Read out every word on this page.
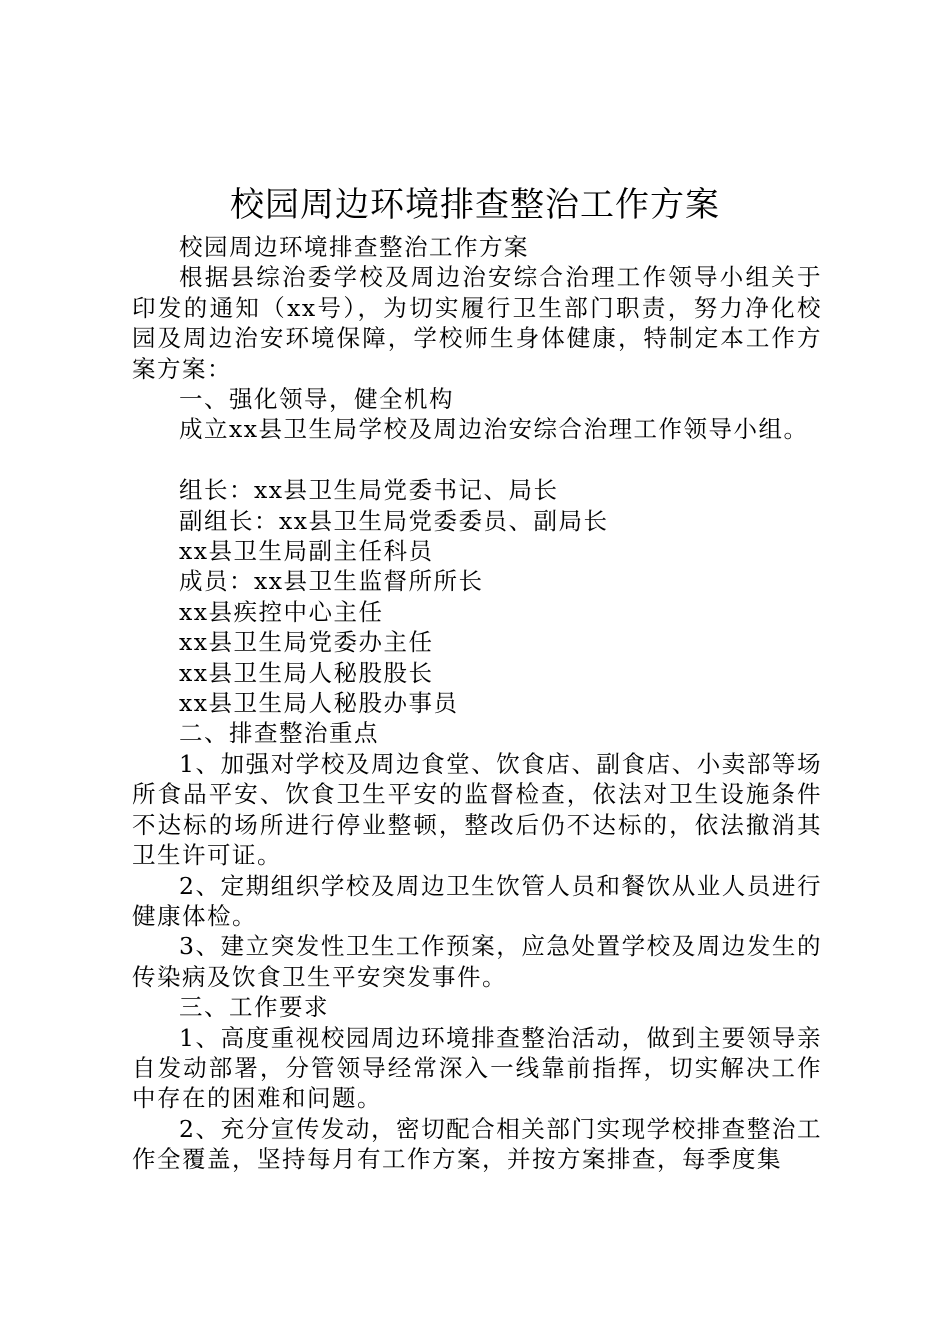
校园周边环境排查整治工作方案

校园周边环境排查整治工作方案

根据县综治委学校及周边治安综合治理工作领导小组关于印发的通知（xx号），为切实履行卫生部门职责，努力净化校园及周边治安环境保障，学校师生身体健康，特制定本工作方案方案：

一、强化领导，健全机构

成立xx县卫生局学校及周边治安综合治理工作领导小组。

组长：xx县卫生局党委书记、局长

副组长：xx县卫生局党委委员、副局长

xx县卫生局副主任科员

成员：xx县卫生监督所所长

xx县疾控中心主任

xx县卫生局党委办主任

xx县卫生局人秘股股长

xx县卫生局人秘股办事员

二、排查整治重点

1、加强对学校及周边食堂、饮食店、副食店、小卖部等场所食品平安、饮食卫生平安的监督检查，依法对卫生设施条件不达标的场所进行停业整顿，整改后仍不达标的，依法撤消其卫生许可证。

2、定期组织学校及周边卫生饮管人员和餐饮从业人员进行健康体检。

3、建立突发性卫生工作预案，应急处置学校及周边发生的传染病及饮食卫生平安突发事件。

三、工作要求

1、高度重视校园周边环境排查整治活动，做到主要领导亲自发动部署，分管领导经常深入一线靠前指挥，切实解决工作中存在的困难和问题。

2、充分宣传发动，密切配合相关部门实现学校排查整治工作全覆盖，坚持每月有工作方案，并按方案排查，每季度集
